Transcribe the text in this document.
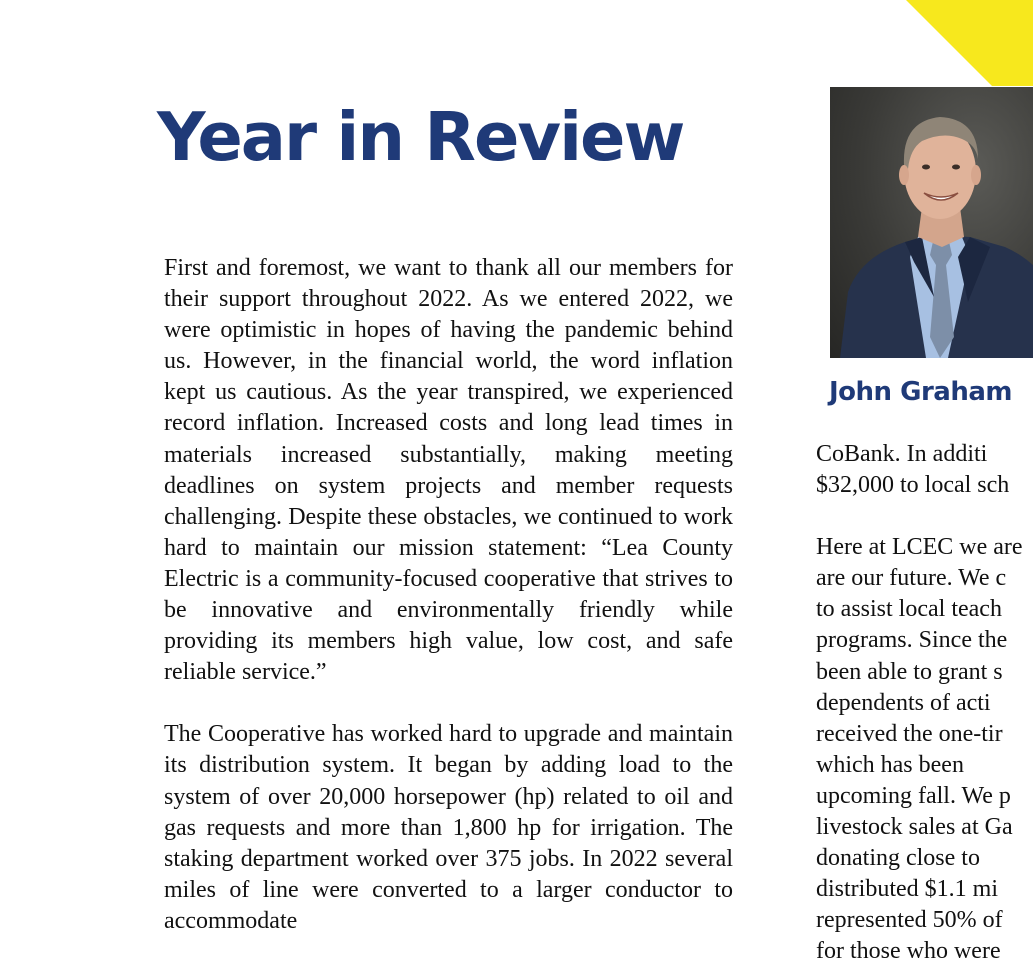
Year in Review

First and foremost, we want to thank all our members for their support throughout 2022. As we entered 2022, we were optimistic in hopes of having the pandemic behind us. However, in the financial world, the word inflation kept us cautious. As the year transpired, we experienced record inflation. Increased costs and long lead times in materials increased substantially, making meeting deadlines on system projects and member requests challenging. Despite these obstacles, we continued to work hard to maintain our mission statement: “Lea County Electric is a community-focused cooperative that strives to be innovative and environmentally friendly while providing its members high value, low cost, and safe reliable service.”

The Cooperative has worked hard to upgrade and maintain its distribution system. It began by adding load to the system of over 20,000 horsepower (hp) related to oil and gas requests and more than 1,800 hp for irrigation. The staking department worked over 375 jobs. In 2022 several miles of line were converted to a larger conductor to accommodate

John Graham

CoBank. In additi
$32,000 to local sch

Here at LCEC we are
are our future. We c
to assist local teach
programs. Since the
been able to grant s
dependents of acti
received the one-tir
which has been
upcoming fall. We p
livestock sales at Ga
donating close to
distributed $1.1 mi
represented 50% of
for those who were
